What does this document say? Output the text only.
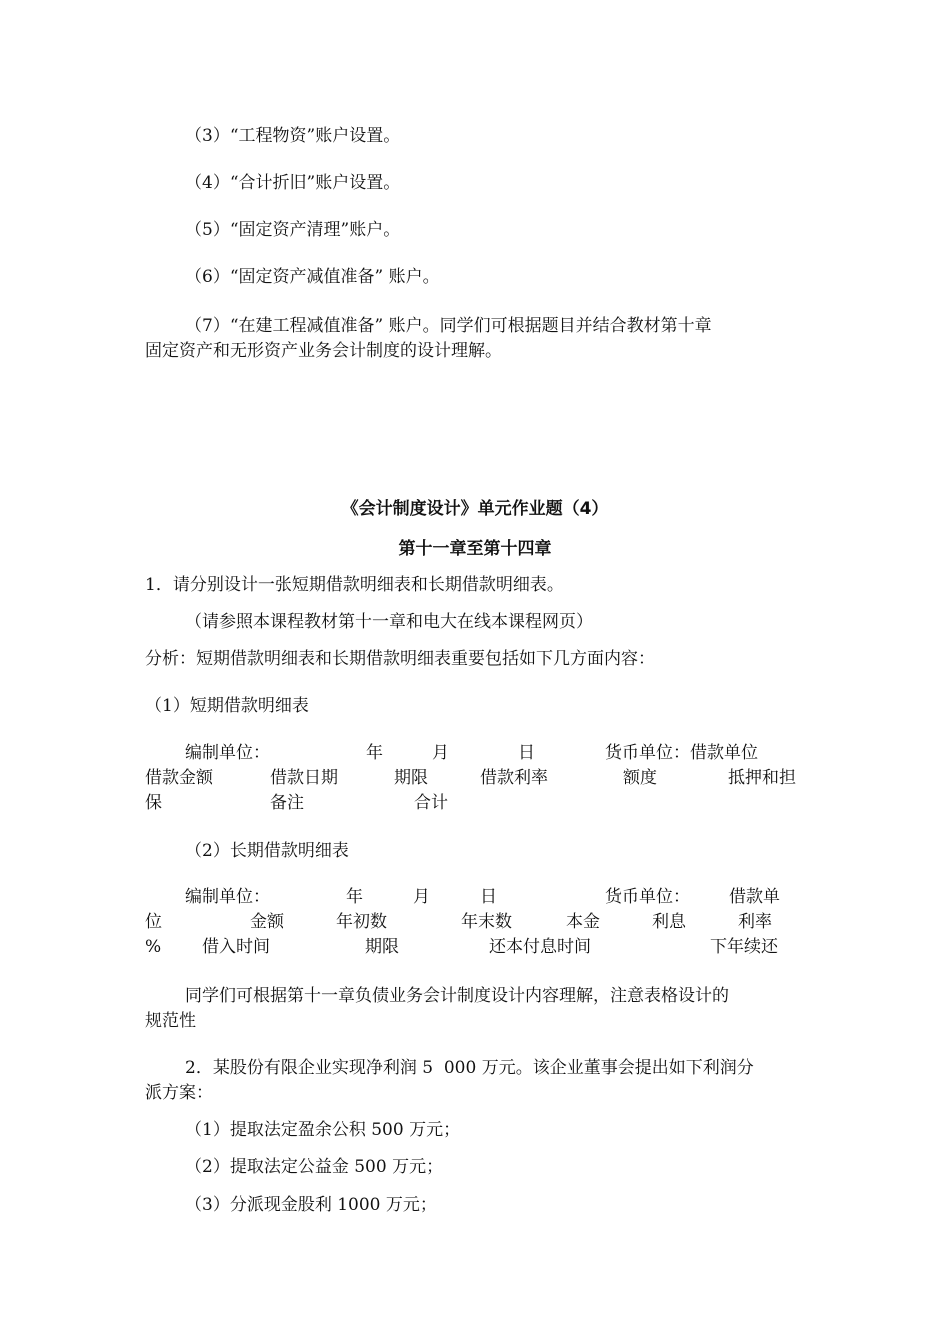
（3）“工程物资”账户设置。
（4）“合计折旧”账户设置。
（5）“固定资产清理”账户。
（6）“固定资产减值准备” 账户。
（7）“在建工程减值准备” 账户。同学们可根据题目并结合教材第十章
固定资产和无形资产业务会计制度的设计理解。
《会计制度设计》单元作业题（4）
第十一章至第十四章
1．请分别设计一张短期借款明细表和长期借款明细表。
（请参照本课程教材第十一章和电大在线本课程网页）
分析：短期借款明细表和长期借款明细表重要包括如下几方面内容：
（1）短期借款明细表
编制单位：	年	月	日	货币单位：借款单位
借款金额	借款日期	期限	借款利率	额度	抵押和担
保	备注	合计
（2）长期借款明细表
编制单位：	年	月	日	货币单位： 借款单
位	金额	年初数	年末数	本金	利息	利率
% 借入时间	期限	还本付息时间	下年续还
同学们可根据第十一章负债业务会计制度设计内容理解，注意表格设计的
规范性
2．某股份有限企业实现净利润 5  000 万元。该企业董事会提出如下利润分
派方案：
（1）提取法定盈余公积 500 万元；
（2）提取法定公益金 500 万元；
（3）分派现金股利 1000 万元；
